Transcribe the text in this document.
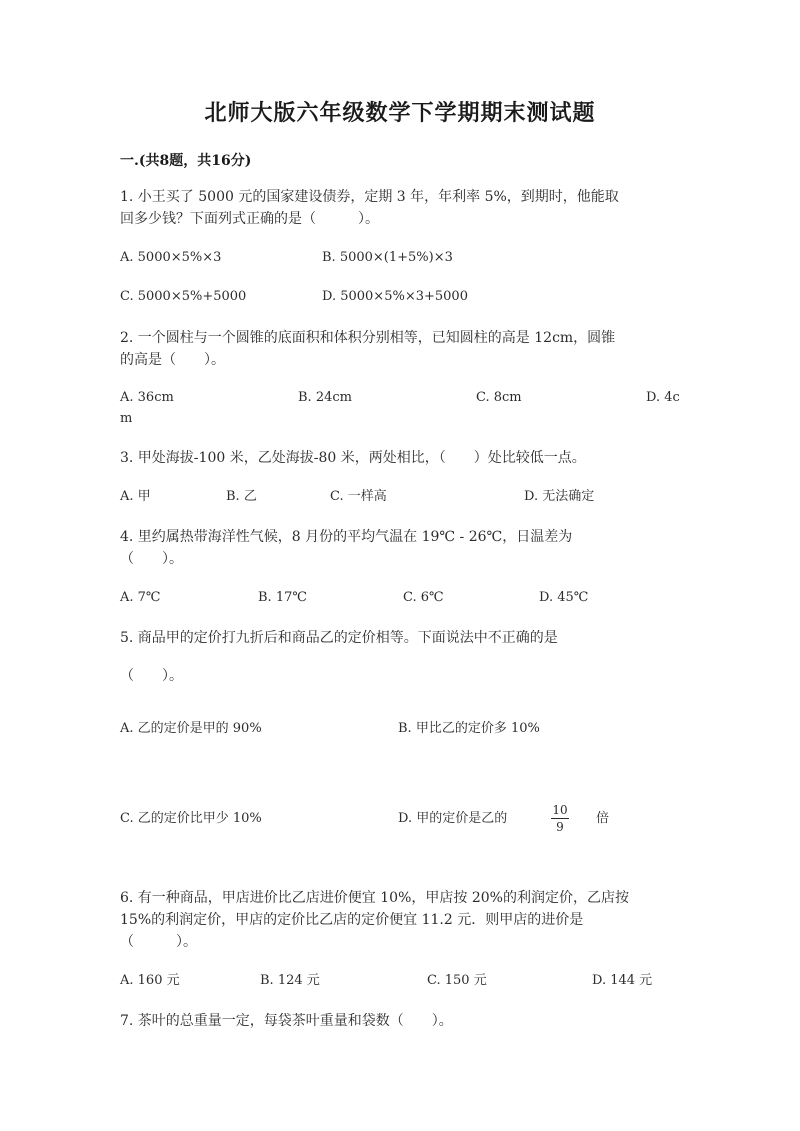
北师大版六年级数学下学期期末测试题
一.(共8题，共16分)
1. 小王买了 5000 元的国家建设债券，定期 3 年，年利率 5%，到期时，他能取
回多少钱？下面列式正确的是（　　　）。
A. 5000×5%×3	B. 5000×(1+5%)×3
C. 5000×5%+5000	D. 5000×5%×3+5000
2. 一个圆柱与一个圆锥的底面积和体积分别相等，已知圆柱的高是 12cm，圆锥
的高是（　　）。
A. 36cm	B. 24cm	C. 8cm	D. 4c
m
3. 甲处海拔-100 米，乙处海拔-80 米，两处相比，（　　）处比较低一点。
A. 甲	B. 乙	C. 一样高	D. 无法确定
4. 里约属热带海洋性气候，8 月份的平均气温在 19℃ - 26℃，日温差为
（　　）。
A. 7℃	B. 17℃	C. 6℃	D. 45℃
5. 商品甲的定价打九折后和商品乙的定价相等。下面说法中不正确的是
（　　）。
A. 乙的定价是甲的 90%	B. 甲比乙的定价多 10%
C. 乙的定价比甲少 10%	D. 甲的定价是乙的
10
9
倍
6. 有一种商品，甲店进价比乙店进价便宜 10%，甲店按 20%的利润定价，乙店按
15%的利润定价，甲店的定价比乙店的定价便宜 11.2 元．则甲店的进价是
（　　　）。
A. 160 元	B. 124 元	C. 150 元	D. 144 元
7. 茶叶的总重量一定，每袋茶叶重量和袋数（　　）。
